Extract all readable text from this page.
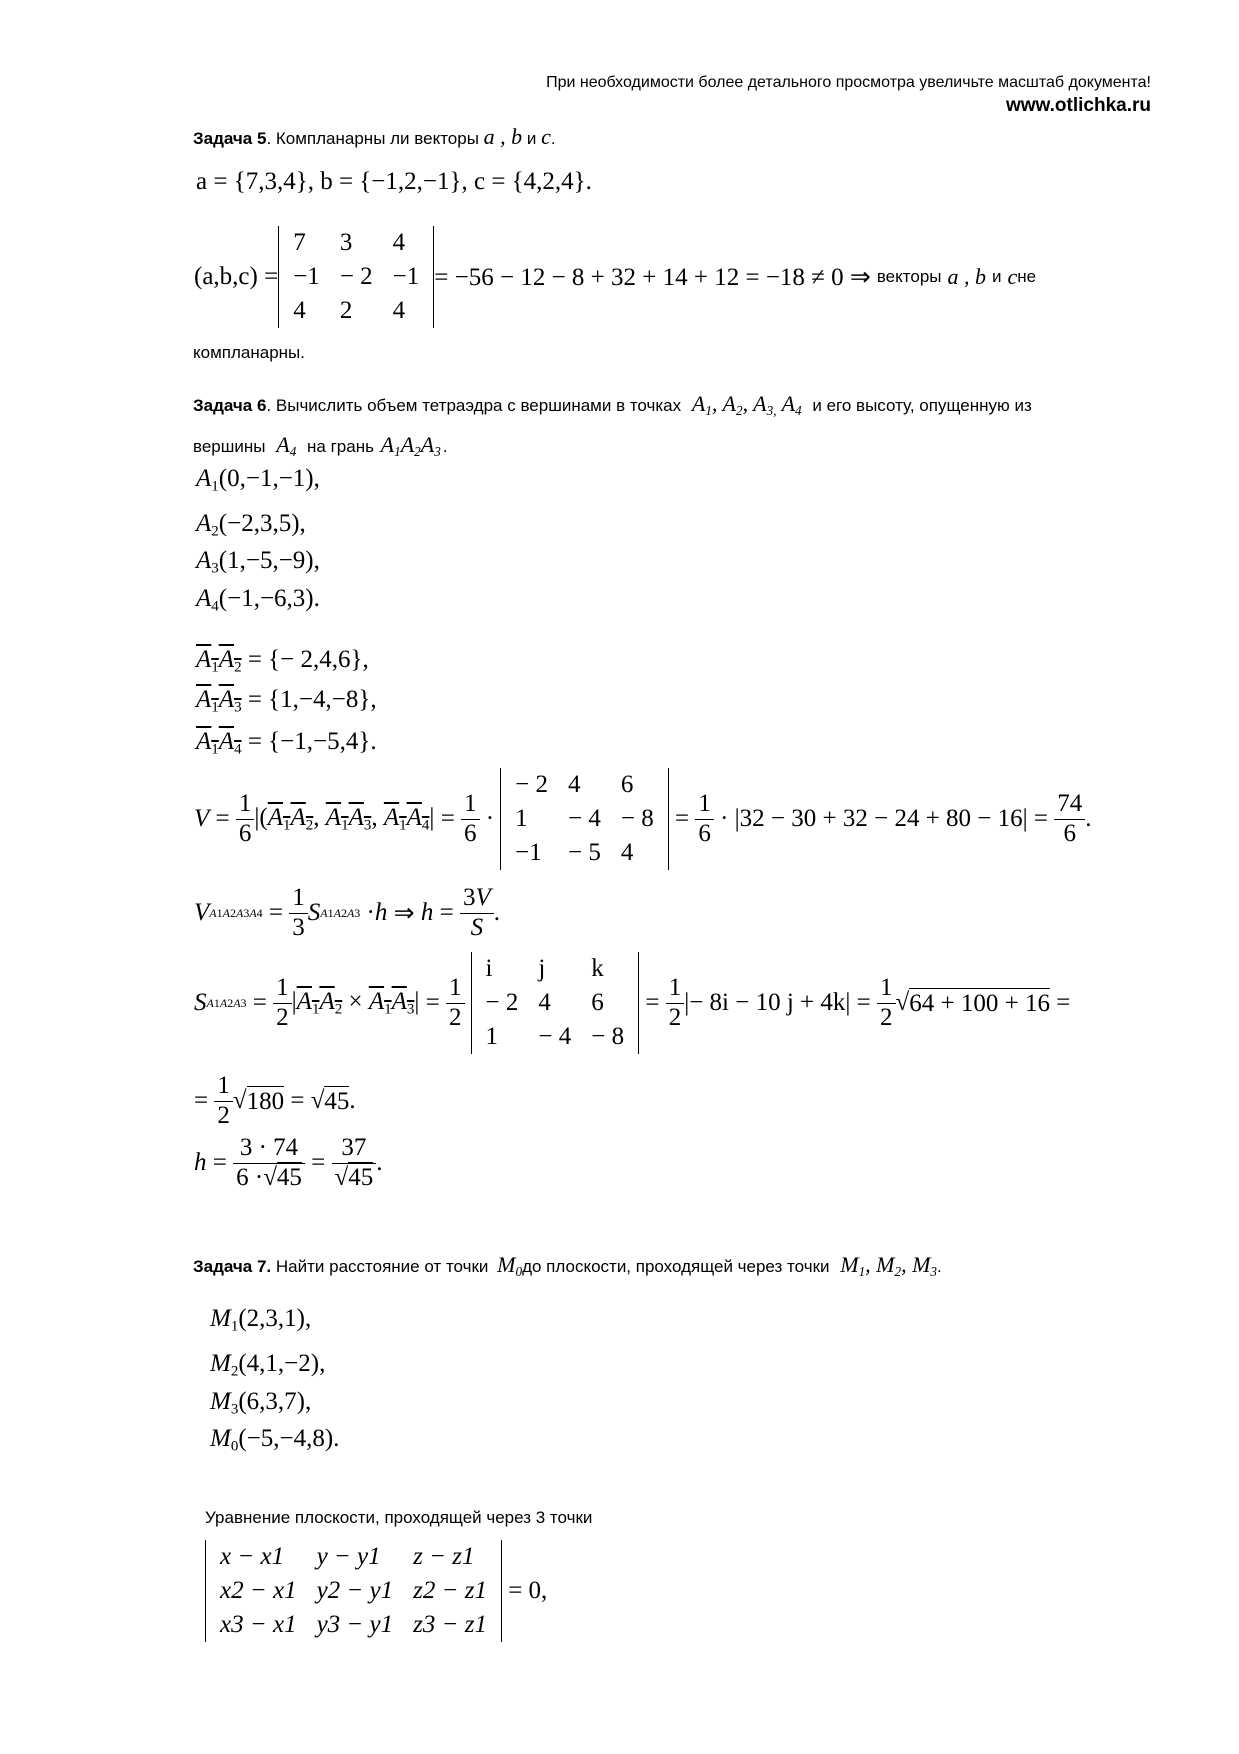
При необходимости более детального просмотра увеличьте масштаб документа!
www.otlichka.ru
Задача 5. Компланарны ли векторы a , b и c.
a = {7,3,4}, b = {−1,2,−1}, c = {4,2,4}.
(a,b,c) =
7	3	4
−1	− 2	−1
4	2	4
= −56 − 12 − 8 + 32 + 14 + 12 = −18 ≠ 0 ⇒ векторы a , b и c не
компланарны.
Задача 6. Вычислить объем тетраэдра с вершинами в точках $A_1$, $A_2$, $A_{3,}$ $A_4$ и его высоту, опущенную из
вершины $A_4$ на грань $A_1A_2A_3$ .
$A_1(0,-1,-1)$,
$A_2(-2,3,5)$,
$A_3(1,-5,-9)$,
$A_4(-1,-6,3)$.
$A_1A_2$ = {− 2,4,6},
$A_1A_3 = \{1,-4,-8\}$,
$A_1A_4 = \{-1,-5,4\}$.
$V = \frac{1}{6} |(A_1A_2$, $A_1A_3$, $A_1A_4| = \frac{1}{6}$ ·
− 2	4	6
1	− 4	− 8
−1	− 5	4
= $\frac{1}{6} \cdot |32 - 30 + 32 - 24 + 80 - 16| = \frac{74}{6}$ .
V $A1A2A3A4 = \frac{1}{3}$ S A1A2A3 · h ⇒ $h = \frac{3V}{S}$ .
S $A1A2A3 = \frac{1}{2} |A_1A_2 \times A_1A_3| = \frac{1}{2}$
i	j	k
− 2	4	6
1	− 4	− 8
= $\frac{1}{2}$ |− 8i − 10 $j + 4k| = \frac{1}{2}$ √ 64 + 100 + 16 =
= $\frac{1}{2}$ √ 180 = √ 45 .
$h = \frac{3 \cdot 74}{6 \cdot√45} = \frac{37}{√45}$ .
Задача 7. Найти расстояние от точки $M_0до$ плоскости, проходящей через точки $M_1$, $M_2$, $M_3$.
$M_1(2,3,1)$,
$M_2(4,1,-2)$,
$M_3(6,3,7)$,
$M_0(-5,-4,8)$.
Уравнение плоскости, проходящей через 3 точки
x − x1	y − y1	z − z1
x2 − x1	y2 − y1	z2 − z1
x3 − x1	y3 − y1	z3 − z1

= 0,
